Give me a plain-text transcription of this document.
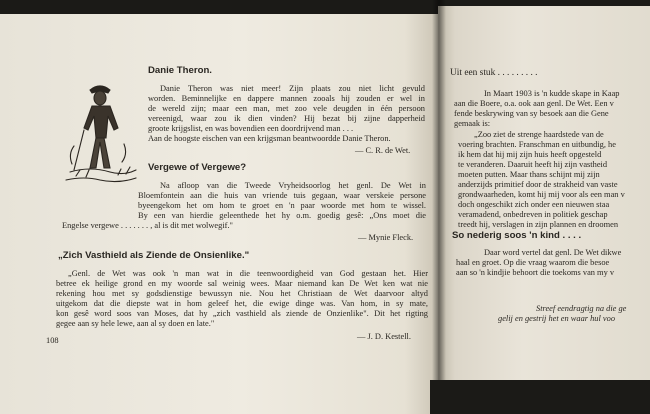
Danie Theron.
Danie Theron was niet meer! Zijn plaats zou niet licht gevuld
worden. Beminnelijke en dappere mannen zooals hij zouden er wel in
de wereld zijn; maar een man, met zoo vele deugden in één persoon
vereenigd, waar zou ik dien vinden? Hij bezat bij zijne dapperheid
groote krijgslist, en was bovendien een doordrijvend man . . .
Aan de hoogste eischen van een krijgsman beantwoordde Danie Theron.
— C. R. de Wet.
Vergewe of Vergewe?
Na afloop van die Tweede Vryheidsoorlog het genl. De Wet in
Bloemfontein aan die huis van vriende tuis gegaan, waar verskeie persone
byeengekom het om hom te groet en 'n paar woorde met hom te wissel.
By een van hierdie geleenthede het hy o.m. goedig gesê: „Ons moet die
Engelse vergewe . . . . . . . , al is dit met wolwegif."
— Mynie Fleck.
„Zich Vasthield als Ziende de Onsienlike."
„Genl. de Wet was ook 'n man wat in die teenwoordigheid van God gestaan het. Hier
betree ek heilige grond en my woorde sal weinig wees. Maar niemand kan De Wet ken wat nie
rekening hou met sy godsdienstige bewussyn nie. Nou het Christiaan de Wet daarvoor altyd
uitgekom dat die diepste wat in hom geleef het, die ewige dinge was. Van hom, in sy mate,
kon gesê word soos van Moses, dat hy „zich vasthield als ziende de Onzienlike". Dit het rigting
gegee aan sy hele lewe, aan al sy doen en late."
— J. D. Kestell.
108
Uit een stuk . . . . . . . . .
In Maart 1903 is 'n kudde skape in Kaap
aan die Boere, o.a. ook aan genl. De Wet. Een v
fende beskrywing van sy besoek aan die Gene
gemaak is:
„Zoo ziet de strenge haardstede van de
voering brachten. Franschman en uitbundig, he
ik hem dat hij mij zijn huis heeft opgesteld
te veranderen. Daaruit heeft hij zijn vastheid
moeten putten. Maar thans schijnt mij zijn
anderzijds primitief door de strakheid van vaste
grondwaarheden, komt hij mij voor als een man v
doch ongeschikt zich onder een nieuwen staa
veramadend, onbedreven in politiek geschap
treedt hij, verslagen in zijn plannen en droomen
So nederig soos 'n kind . . . .
Daar word vertel dat genl. De Wet dikwe
haal en groet. Op die vraag waarom die besoe
aan so 'n kindjie behoort die toekoms van my v
Streef eendragtig na die ge
gelij en gestrij het en waar hul voo
